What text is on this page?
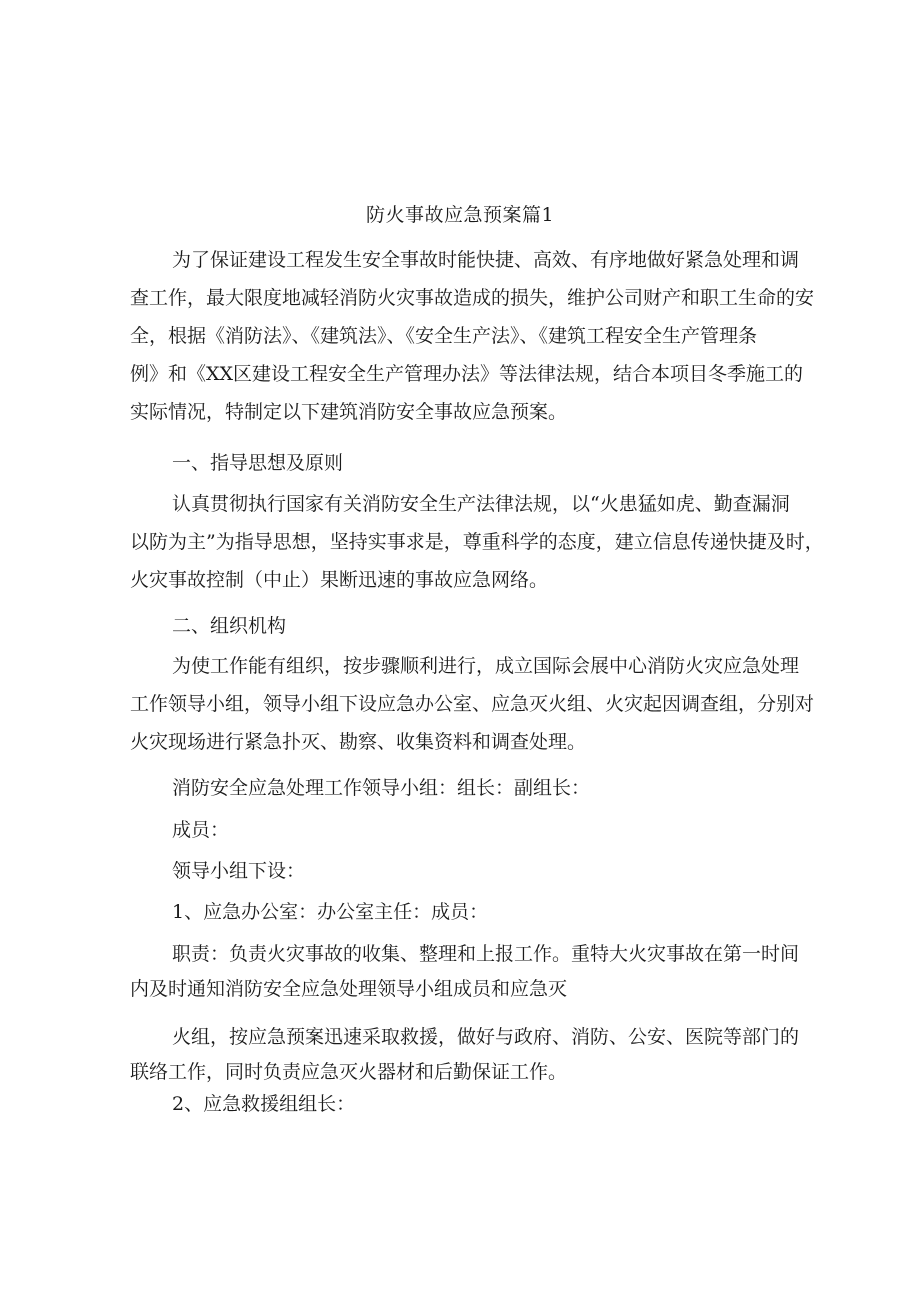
防火事故应急预案篇1
为了保证建设工程发生安全事故时能快捷、高效、有序地做好紧急处理和调
查工作，最大限度地减轻消防火灾事故造成的损失，维护公司财产和职工生命的安
全，根据《消防法》、《建筑法》、《安全生产法》、《建筑工程安全生产管理条
例》和《XX区建设工程安全生产管理办法》等法律法规，结合本项目冬季施工的
实际情况，特制定以下建筑消防安全事故应急预案。
一、指导思想及原则
认真贯彻执行国家有关消防安全生产法律法规，以“火患猛如虎、勤查漏洞
以防为主”为指导思想，坚持实事求是，尊重科学的态度，建立信息传递快捷及时，
火灾事故控制（中止）果断迅速的事故应急网络。
二、组织机构
为使工作能有组织，按步骤顺利进行，成立国际会展中心消防火灾应急处理
工作领导小组，领导小组下设应急办公室、应急灭火组、火灾起因调查组，分别对
火灾现场进行紧急扑灭、勘察、收集资料和调查处理。
消防安全应急处理工作领导小组：组长：副组长：
成员：
领导小组下设：
1、应急办公室：办公室主任：成员：
职责：负责火灾事故的收集、整理和上报工作。重特大火灾事故在第一时间
内及时通知消防安全应急处理领导小组成员和应急灭
火组，按应急预案迅速采取救援，做好与政府、消防、公安、医院等部门的
联络工作，同时负责应急灭火器材和后勤保证工作。
2、应急救援组组长：
